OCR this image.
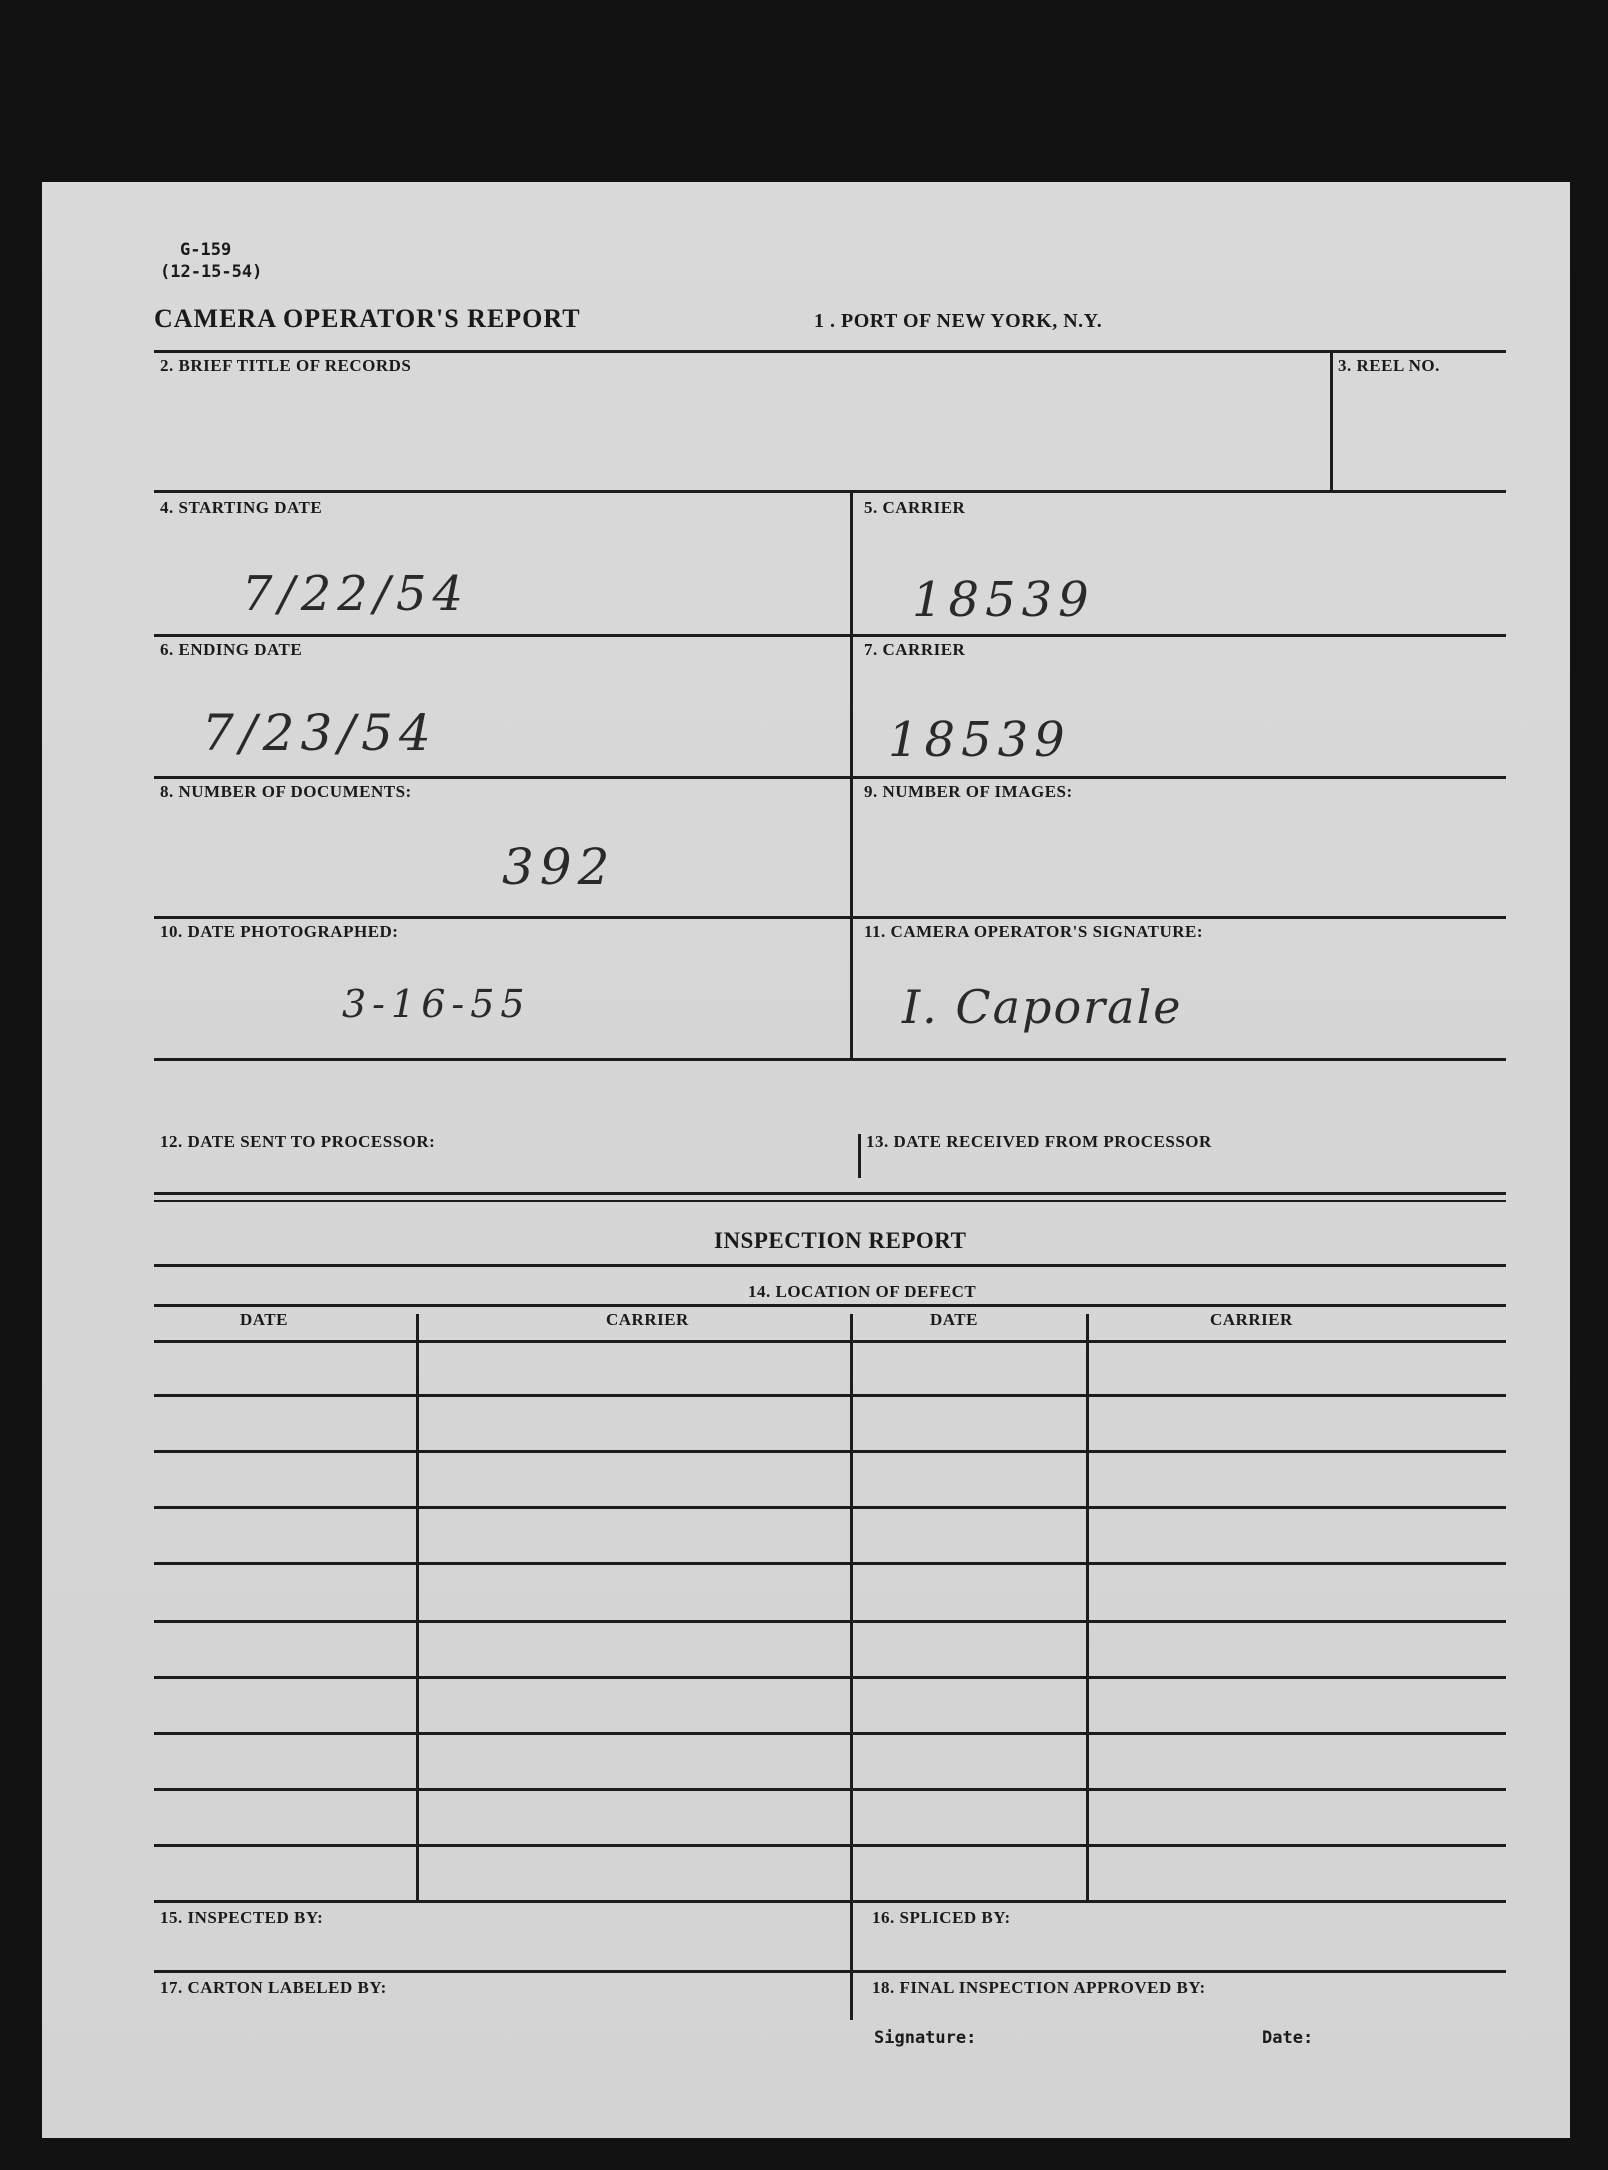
G-159
(12-15-54)
CAMERA OPERATOR'S REPORT	1 . PORT OF NEW YORK, N.Y.
2. BRIEF TITLE OF RECORDS	3. REEL NO.
4. STARTING DATE
7/22/54
5. CARRIER
18539
6. ENDING DATE
7/23/54
7. CARRIER
18539
8. NUMBER OF DOCUMENTS:
392
9. NUMBER OF IMAGES:
10. DATE PHOTOGRAPHED:
3-16-55
11. CAMERA OPERATOR'S SIGNATURE:
I. Caporale
12. DATE SENT TO PROCESSOR:	13. DATE RECEIVED FROM PROCESSOR
INSPECTION REPORT
14. LOCATION OF DEFECT
DATE	CARRIER	DATE	CARRIER
15. INSPECTED BY:	16. SPLICED BY:
17. CARTON LABELED BY:	18. FINAL INSPECTION APPROVED BY:
Signature:	Date:
